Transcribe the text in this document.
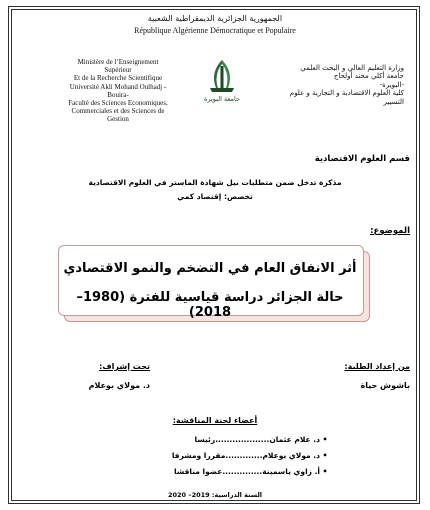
الجمهورية الجزائرية الديمقراطية الشعبية
République Algérienne Démocratique et Populaire
Ministère de l’Enseignement
Supérieur
Et de la Recherche Scientifique
Université Akli Mohand Oulhadj -
Bouira-
Faculté des Sciences Economiques,
Commerciales et des Sciences de
Gestion
جامعة البويرة
وزارة التعليم العالي و البحث العلمي
جامعة أكلي محند أولحاج
-البويرة-
كلية العلوم الاقتصادية و التجارية و علوم
التسيير
قسم العلوم الاقتصادية
مذكرة تدخل ضمن متطلبات نيل شهادة الماستر في العلوم الاقتصادية
تخصص: إقتصاد كمي
الموضوع:
أثر الانفاق العام في التضخم والنمو الاقتصادي
حالة الجزائر دراسة قياسية للفترة (1980–2018)
من إعداد الطلبة:
باشوش حياة
تحت إشراف:
د. مولاي بوعلام
أعضاء لجنة المناقشة:
•
د. علام عثمان
...................
رئيسا
•
د. مولاي بوعلام
.............
مقررا ومشرفا
•
أ. زاوي ياسمينة
..............
عضوا مناقشا
السنة الدراسية: 2019– 2020
